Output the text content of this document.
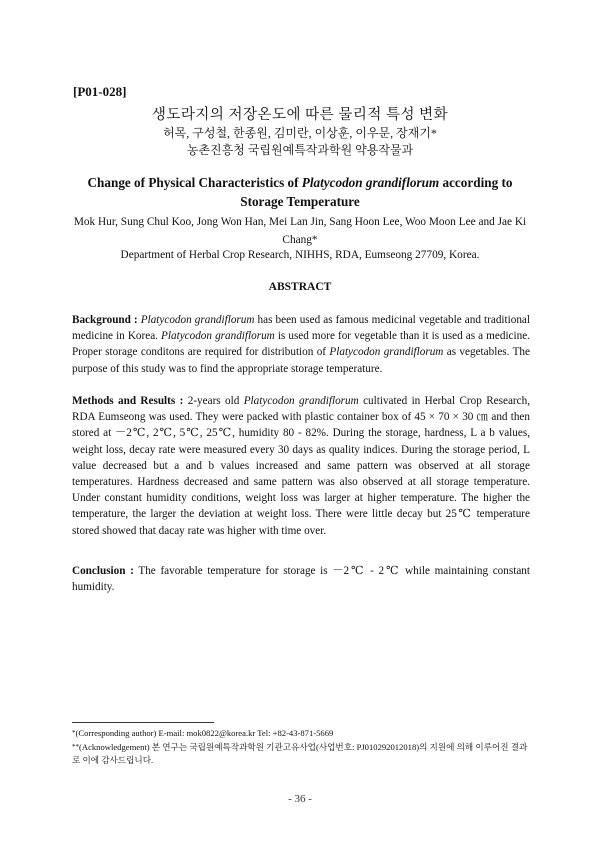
[P01-028]
생도라지의 저장온도에 따른 물리적 특성 변화
허목, 구성철, 한종원, 김미란, 이상훈, 이우문, 장재기*
농촌진흥청 국립원예특작과학원 약용작물과
Change of Physical Characteristics of Platycodon grandiflorum according to Storage Temperature
Mok Hur, Sung Chul Koo, Jong Won Han, Mei Lan Jin, Sang Hoon Lee, Woo Moon Lee and Jae Ki Chang*
Department of Herbal Crop Research, NIHHS, RDA, Eumseong 27709, Korea.
ABSTRACT
Background : Platycodon grandiflorum has been used as famous medicinal vegetable and traditional medicine in Korea. Platycodon grandiflorum is used more for vegetable than it is used as a medicine. Proper storage conditons are required for distribution of Platycodon grandiflorum as vegetables. The purpose of this study was to find the appropriate storage temperature.
Methods and Results : 2-years old Platycodon grandiflorum cultivated in Herbal Crop Research, RDA Eumseong was used. They were packed with plastic container box of 45 × 70 × 30 ㎝ and then stored at －2℃, 2℃, 5℃, 25℃, humidity 80 - 82%. During the storage, hardness, L a b values, weight loss, decay rate were measured every 30 days as quality indices. During the storage period, L value decreased but a and b values increased and same pattern was observed at all storage temperatures. Hardness decreased and same pattern was also observed at all storage temperature. Under constant humidity conditions, weight loss was larger at higher temperature. The higher the temperature, the larger the deviation at weight loss. There were little decay but 25℃ temperature stored showed that dacay rate was higher with time over.
Conclusion : The favorable temperature for storage is －2℃ - 2℃ while maintaining constant humidity.
*(Corresponding author) E-mail: mok0822@korea.kr Tel: +82-43-871-5669
**(Acknowledgement) 본 연구는 국립원예특작과학원 기관고유사업(사업번호: PJ010292012018)의 지원에 의해 이루어진 결과로 이에 감사드립니다.
- 36 -
